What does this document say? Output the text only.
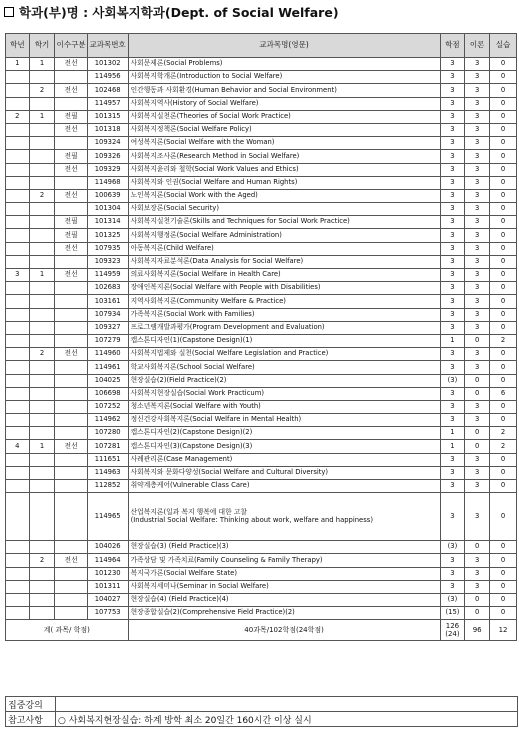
학과(부)명 : 사회복지학과(Dept. of Social Welfare)
학년	학기	이수구분	교과목번호	교과목명(영문)	학점	이론	실습
1	1	전선	101302	사회문제론(Social Problems)	3	3	0
			114956	사회복지학개론(Introduction to Social Welfare)	3	3	0
	2	전선	102468	인간행동과 사회환경(Human Behavior and Social Environment)	3	3	0
			114957	사회복지역사(History of Social Welfare)	3	3	0
2	1	전필	101315	사회복지실천론(Theories of Social Work Practice)	3	3	0
		전선	101318	사회복지정책론(Social Welfare Policy)	3	3	0
			109324	여성복지론(Social Welfare with the Woman)	3	3	0
		전필	109326	사회복지조사론(Research Method in Social Welfare)	3	3	0
		전선	109329	사회복지윤리와 철학(Social Work Values and Ethics)	3	3	0
			114968	사회복지와 인권(Social Welfare and Human Rights)	3	3	0
	2	전선	100639	노인복지론(Social Work with the Aged)	3	3	0
			101304	사회보장론(Social Security)	3	3	0
		전필	101314	사회복지실천기술론(Skills and Techniques for Social Work Practice)	3	3	0
		전필	101325	사회복지행정론(Social Welfare Administration)	3	3	0
		전선	107935	아동복지론(Child Welfare)	3	3	0
			109323	사회복지자료분석론(Data Analysis for Social Welfare)	3	3	0
3	1	전선	114959	의료사회복지론(Social Welfare in Health Care)	3	3	0
			102683	장애인복지론(Social Welfare with People with Disabilities)	3	3	0
			103161	지역사회복지론(Community Welfare & Practice)	3	3	0
			107934	가족복지론(Social Work with Families)	3	3	0
			109327	프로그램개발과평가(Program Development and Evaluation)	3	3	0
			107279	캡스톤디자인(1)(Capstone Design)(1)	1	0	2
	2	전선	114960	사회복지법제와 실천(Social Welfare Legislation and Practice)	3	3	0
			114961	학교사회복지론(School Social Welfare)	3	3	0
			104025	현장실습(2)(Field Practice)(2)	(3)	0	0
			106698	사회복지현장실습(Social Work Practicum)	3	0	6
			107252	청소년복지론(Social Welfare with Youth)	3	3	0
			114962	정신건강사회복지론(Social Welfare in Mental Health)	3	3	0
			107280	캡스톤디자인(2)(Capstone Design)(2)	1	0	2
4	1	전선	107281	캡스톤디자인(3)(Capstone Design)(3)	1	0	2
			111651	사례관리론(Case Management)	3	3	0
			114963	사회복지와 문화다양성(Social Welfare and Cultural Diversity)	3	3	0
			112852	취약계층케어(Vulnerable Class Care)	3	3	0
			114965	산업복지론(일과 복지 행복에 대한 고찰
(Industrial Social Welfare: Thinking about work, welfare and happiness)	3	3	0
			104026	현장실습(3) (Field Practice)(3)	(3)	0	0
	2	전선	114964	가족상담 및 가족치료(Family Counseling & Family Therapy)	3	3	0
			101230	복지국가론(Social Welfare State)	3	3	0
			101311	사회복지세미나(Seminar in Social Welfare)	3	3	0
			104027	현장실습(4) (Field Practice)(4)	(3)	0	0
			107753	현장종합실습(2)(Comprehensive Field Practice)(2)	(15)	0	0
계( 과목/ 학점)				40과목/102학점(24학점)	126 (24)	96	12
집중강의	
참고사항	○ 사회복지현장실습: 하계 방학 최소 20일간 160시간 이상 실시
